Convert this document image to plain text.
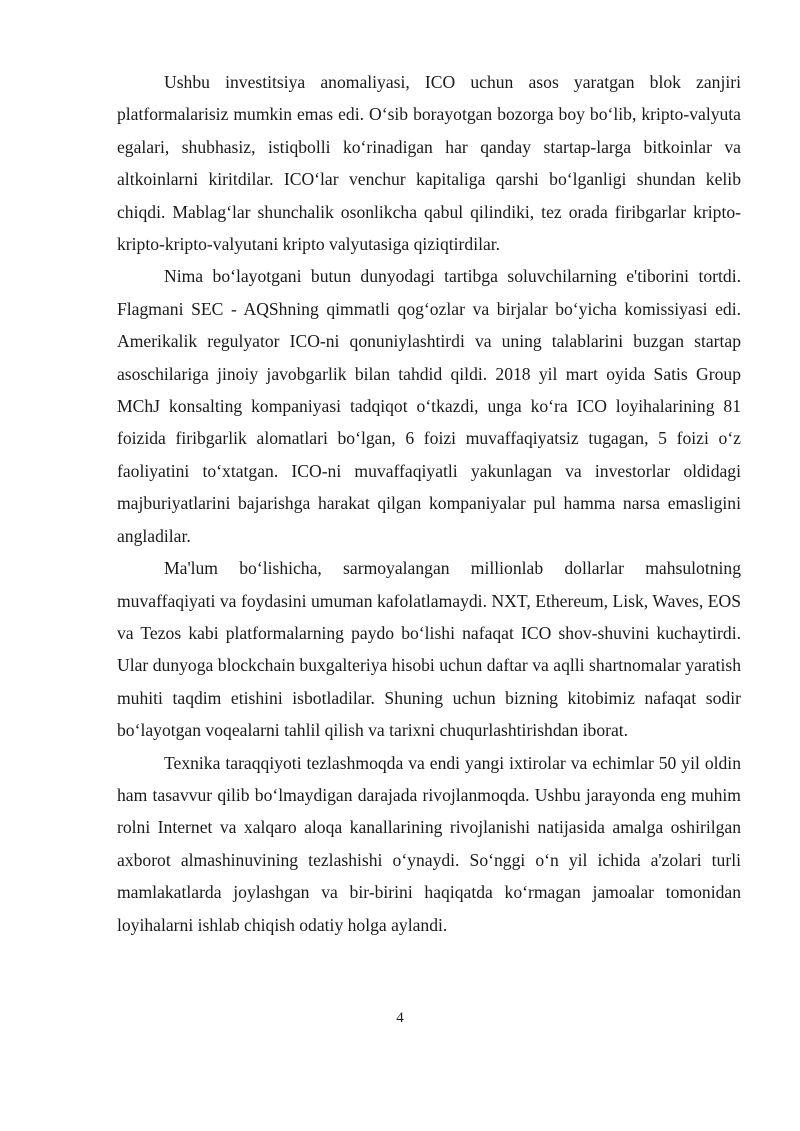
Ushbu investitsiya anomaliyasi, ICO uchun asos yaratgan blok zanjiri platformalarisiz mumkin emas edi. O‘sib borayotgan bozorga boy bo‘lib, kripto-valyuta egalari, shubhasiz, istiqbolli ko‘rinadigan har qanday startap-larga bitkoinlar va altkoinlarni kiritdilar. ICO‘lar venchur kapitaliga qarshi bo‘lganligi shundan kelib chiqdi. Mablag‘lar shunchalik osonlikcha qabul qilindiki, tez orada firibgarlar kripto-kripto-kripto-valyutani kripto valyutasiga qiziqtirdilar.

Nima bo‘layotgani butun dunyodagi tartibga soluvchilarning e'tiborini tortdi. Flagmani SEC - AQShning qimmatli qog‘ozlar va birjalar bo‘yicha komissiyasi edi. Amerikalik regulyator ICO-ni qonuniylashtirdi va uning talablarini buzgan startap asoschilariga jinoiy javobgarlik bilan tahdid qildi. 2018 yil mart oyida Satis Group MChJ konsalting kompaniyasi tadqiqot o‘tkazdi, unga ko‘ra ICO loyihalarining 81 foizida firibgarlik alomatlari bo‘lgan, 6 foizi muvaffaqiyatsiz tugagan, 5 foizi o‘z faoliyatini to‘xtatgan. ICO-ni muvaffaqiyatli yakunlagan va investorlar oldidagi majburiyatlarini bajarishga harakat qilgan kompaniyalar pul hamma narsa emasligini angladilar.

Ma'lum bo‘lishicha, sarmoyalangan millionlab dollarlar mahsulotning muvaffaqiyati va foydasini umuman kafolatlamaydi. NXT, Ethereum, Lisk, Waves, EOS va Tezos kabi platformalarning paydo bo‘lishi nafaqat ICO shov-shuvini kuchaytirdi. Ular dunyoga blockchain buxgalteriya hisobi uchun daftar va aqlli shartnomalar yaratish muhiti taqdim etishini isbotladilar. Shuning uchun bizning kitobimiz nafaqat sodir bo‘layotgan voqealarni tahlil qilish va tarixni chuqurlashtirishdan iborat.

Texnika taraqqiyoti tezlashmoqda va endi yangi ixtirolar va echimlar 50 yil oldin ham tasavvur qilib bo‘lmaydigan darajada rivojlanmoqda. Ushbu jarayonda eng muhim rolni Internet va xalqaro aloqa kanallarining rivojlanishi natijasida amalga oshirilgan axborot almashinuvining tezlashishi o‘ynaydi. So‘nggi o‘n yil ichida a'zolari turli mamlakatlarda joylashgan va bir-birini haqiqatda ko‘rmagan jamoalar tomonidan loyihalarni ishlab chiqish odatiy holga aylandi.

4
